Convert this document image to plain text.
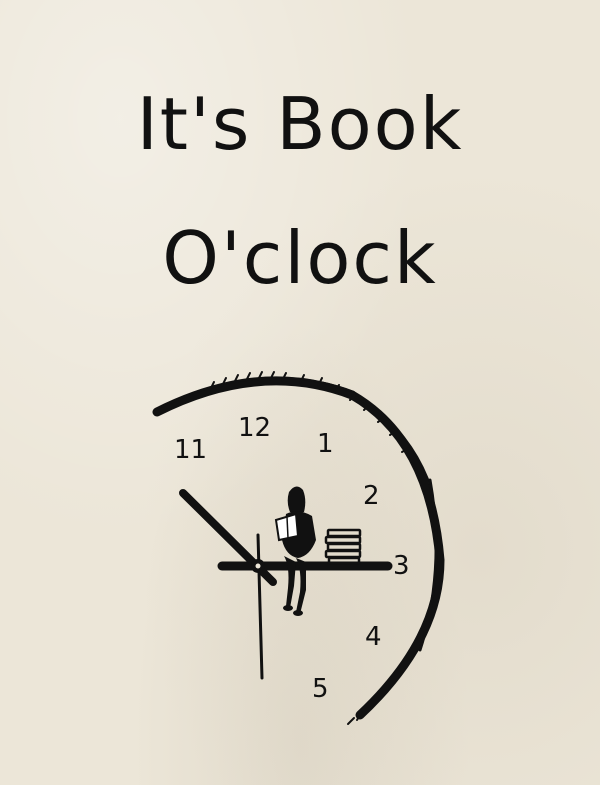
It's Book
O'clock
11
12
1
2
3
4
5
